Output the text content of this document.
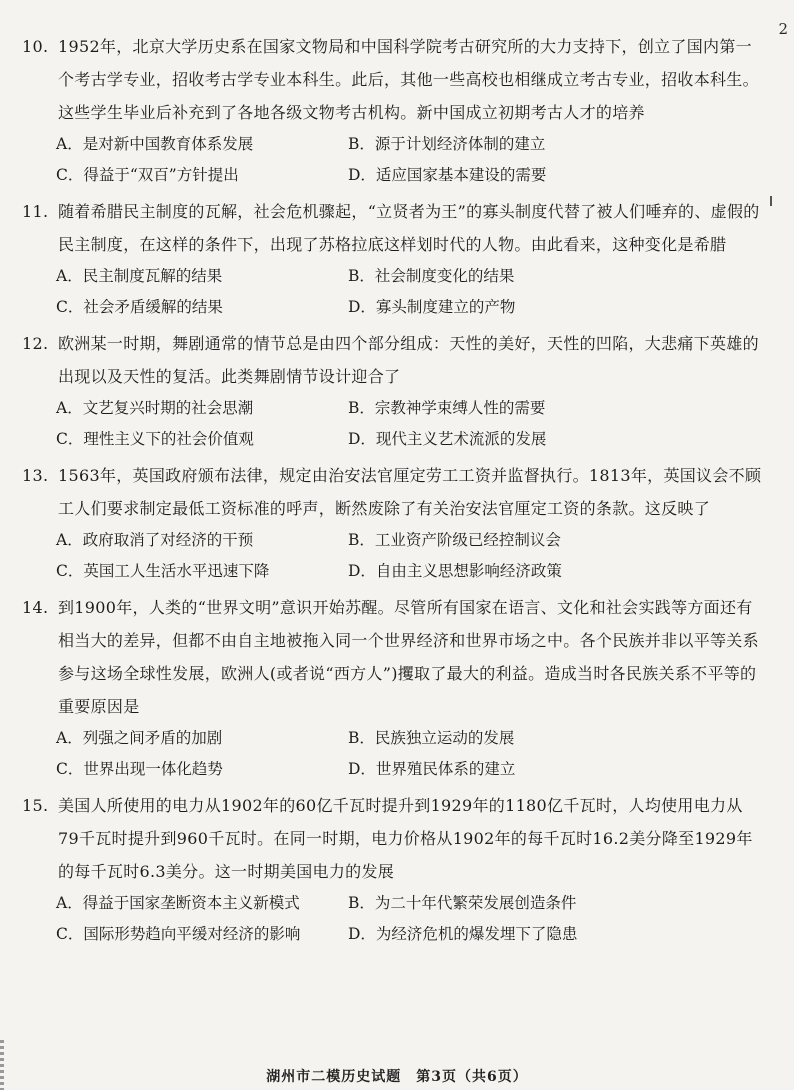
2
10. 1952年，北京大学历史系在国家文物局和中国科学院考古研究所的大力支持下，创立了国内第一个考古学专业，招收考古学专业本科生。此后，其他一些高校也相继成立考古专业，招收本科生。这些学生毕业后补充到了各地各级文物考古机构。新中国成立初期考古人才的培养
A．是对新中国教育体系发展	B．源于计划经济体制的建立
C．得益于“双百”方针提出	D．适应国家基本建设的需要
11. 随着希腊民主制度的瓦解，社会危机骤起，“立贤者为王”的寡头制度代替了被人们唾弃的、虚假的民主制度，在这样的条件下，出现了苏格拉底这样划时代的人物。由此看来，这种变化是希腊
A．民主制度瓦解的结果	B．社会制度变化的结果
C．社会矛盾缓解的结果	D．寡头制度建立的产物
12. 欧洲某一时期，舞剧通常的情节总是由四个部分组成：天性的美好，天性的凹陷，大悲痛下英雄的出现以及天性的复活。此类舞剧情节设计迎合了
A．文艺复兴时期的社会思潮	B．宗教神学束缚人性的需要
C．理性主义下的社会价值观	D．现代主义艺术流派的发展
13. 1563年，英国政府颁布法律，规定由治安法官厘定劳工工资并监督执行。1813年，英国议会不顾工人们要求制定最低工资标准的呼声，断然废除了有关治安法官厘定工资的条款。这反映了
A．政府取消了对经济的干预	B．工业资产阶级已经控制议会
C．英国工人生活水平迅速下降	D．自由主义思想影响经济政策
14. 到1900年，人类的“世界文明”意识开始苏醒。尽管所有国家在语言、文化和社会实践等方面还有相当大的差异，但都不由自主地被拖入同一个世界经济和世界市场之中。各个民族并非以平等关系参与这场全球性发展，欧洲人(或者说“西方人”)攫取了最大的利益。造成当时各民族关系不平等的重要原因是
A．列强之间矛盾的加剧	B．民族独立运动的发展
C．世界出现一体化趋势	D．世界殖民体系的建立
15. 美国人所使用的电力从1902年的60亿千瓦时提升到1929年的1180亿千瓦时，人均使用电力从79千瓦时提升到960千瓦时。在同一时期，电力价格从1902年的每千瓦时16.2美分降至1929年的每千瓦时6.3美分。这一时期美国电力的发展
A．得益于国家垄断资本主义新模式	B．为二十年代繁荣发展创造条件
C．国际形势趋向平缓对经济的影响	D．为经济危机的爆发埋下了隐患
湖州市二模历史试题　第3页（共6页）
